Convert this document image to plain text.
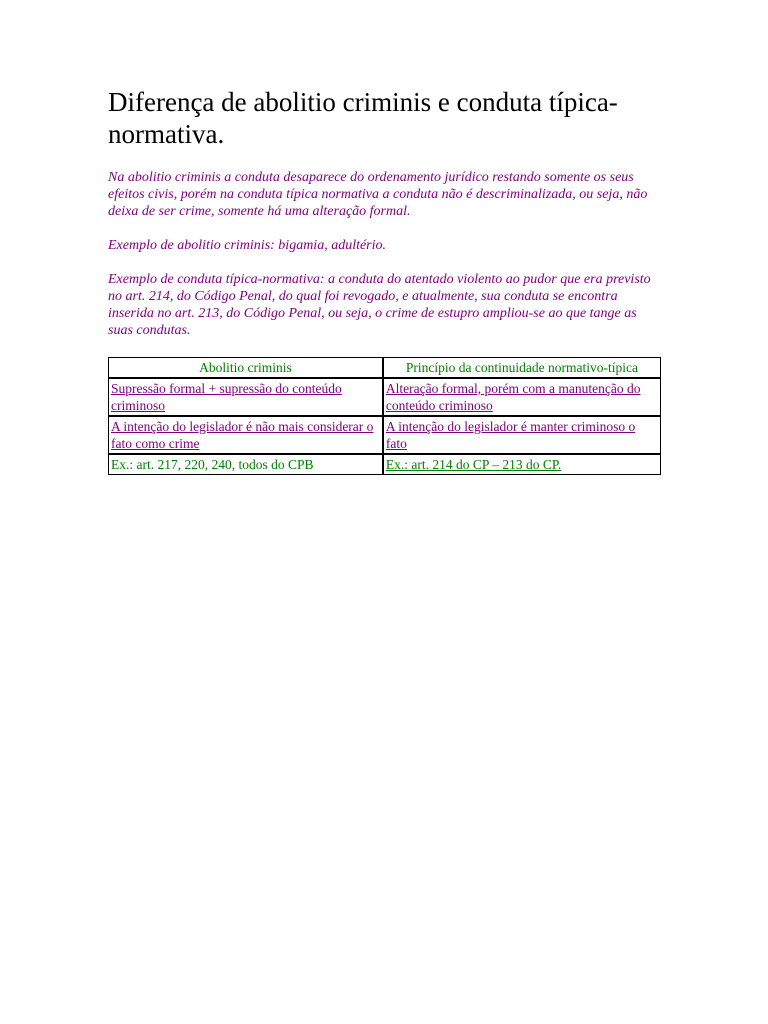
Diferença de abolitio criminis e conduta típica-normativa.

Na abolitio criminis a conduta desaparece do ordenamento jurídico restando somente os seus efeitos civis, porém na conduta típica normativa a conduta não é descriminalizada, ou seja, não deixa de ser crime, somente há uma alteração formal.

Exemplo de abolitio criminis: bigamia, adultério.

Exemplo de conduta típica-normativa: a conduta do atentado violento ao pudor que era previsto no art. 214, do Código Penal, do qual foi revogado, e atualmente, sua conduta se encontra inserida no art. 213, do Código Penal, ou seja, o crime de estupro ampliou-se ao que tange as suas condutas.

Abolitio criminis	Princípio da continuidade normativo-típica
Supressão formal + supressão do conteúdo criminoso	Alteração formal, porém com a manutenção do conteúdo criminoso
A intenção do legislador é não mais considerar o fato como crime	A intenção do legislador é manter criminoso o fato
Ex.: art. 217, 220, 240, todos do CPB	Ex.: art. 214 do CP – 213 do CP.
